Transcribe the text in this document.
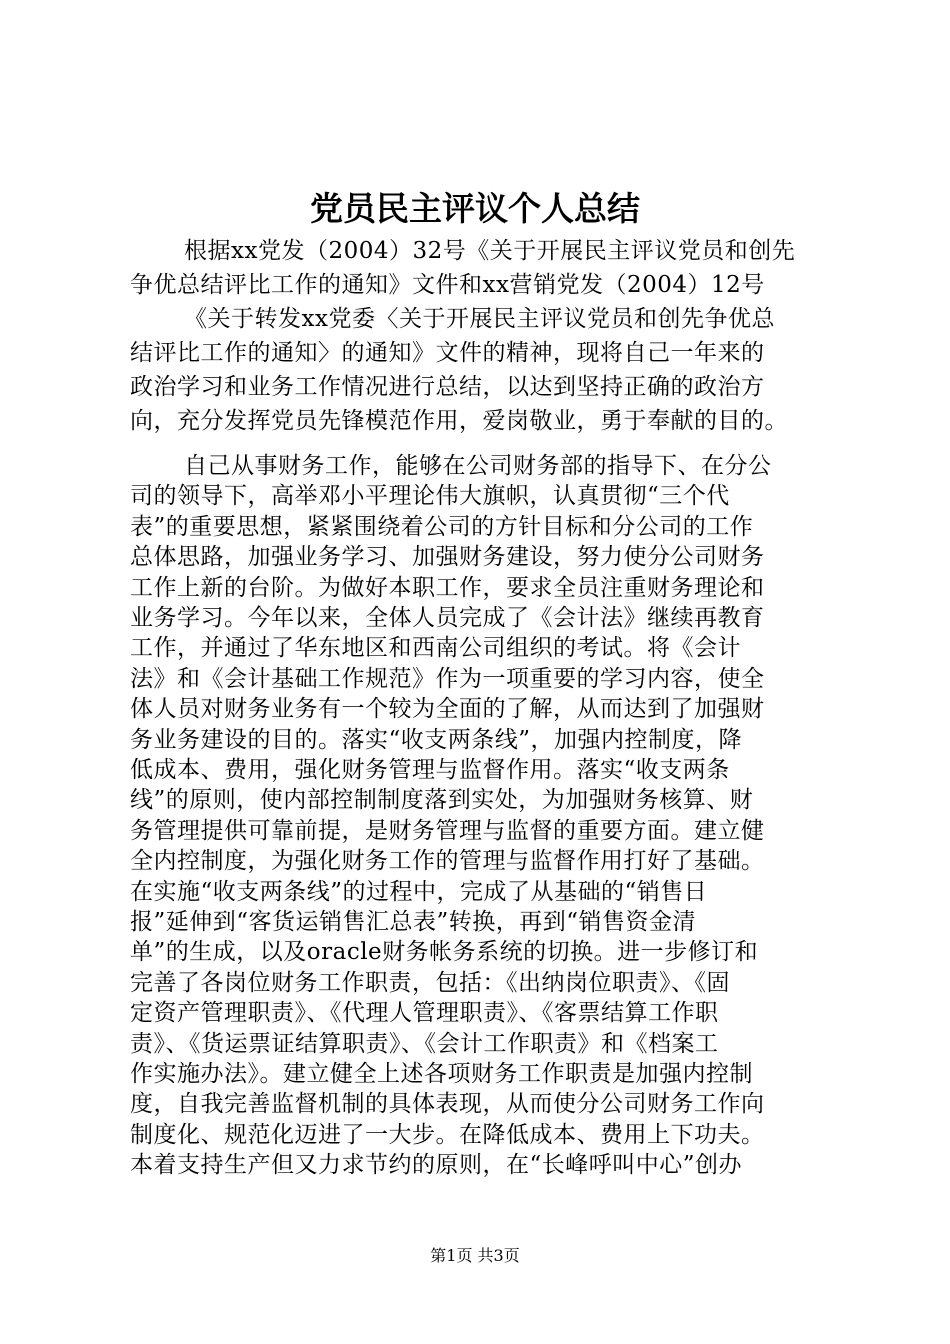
党员民主评议个人总结
根据xx党发（2004）32号《关于开展民主评议党员和创先
争优总结评比工作的通知》文件和xx营销党发（2004）12号
《关于转发xx党委〈关于开展民主评议党员和创先争优总
结评比工作的通知〉的通知》文件的精神，现将自己一年来的
政治学习和业务工作情况进行总结，以达到坚持正确的政治方
向，充分发挥党员先锋模范作用，爱岗敬业，勇于奉献的目的。
自己从事财务工作，能够在公司财务部的指导下、在分公
司的领导下，高举邓小平理论伟大旗帜，认真贯彻“三个代
表”的重要思想，紧紧围绕着公司的方针目标和分公司的工作
总体思路，加强业务学习、加强财务建设，努力使分公司财务
工作上新的台阶。为做好本职工作，要求全员注重财务理论和
业务学习。今年以来，全体人员完成了《会计法》继续再教育
工作，并通过了华东地区和西南公司组织的考试。将《会计
法》和《会计基础工作规范》作为一项重要的学习内容，使全
体人员对财务业务有一个较为全面的了解，从而达到了加强财
务业务建设的目的。落实“收支两条线”，加强内控制度，降
低成本、费用，强化财务管理与监督作用。落实“收支两条
线”的原则，使内部控制制度落到实处，为加强财务核算、财
务管理提供可靠前提，是财务管理与监督的重要方面。建立健
全内控制度，为强化财务工作的管理与监督作用打好了基础。
在实施“收支两条线”的过程中，完成了从基础的“销售日
报”延伸到“客货运销售汇总表”转换，再到“销售资金清
单”的生成，以及oracle财务帐务系统的切换。进一步修订和
完善了各岗位财务工作职责，包括：《出纳岗位职责》、《固
定资产管理职责》、《代理人管理职责》、《客票结算工作职
责》、《货运票证结算职责》、《会计工作职责》和《档案工
作实施办法》。建立健全上述各项财务工作职责是加强内控制
度，自我完善监督机制的具体表现，从而使分公司财务工作向
制度化、规范化迈进了一大步。在降低成本、费用上下功夫。
本着支持生产但又力求节约的原则，在“长峰呼叫中心”创办
第1页 共3页
